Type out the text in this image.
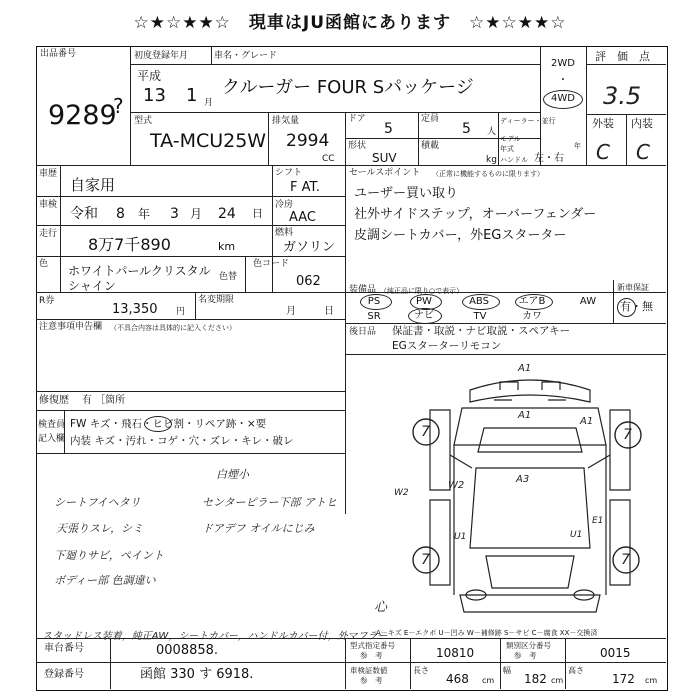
☆★☆★★☆　現車はJU函館にあります　☆★☆★★☆
出品番号
9289
?
初度登録年月	車名・グレード
平成
13 1 月
クルーガー FOUR Sパッケージ
2WD
・
4WD
評　価　点
3.5
外装 内装
C C
型式
TA-MCU25W
排気量
2994
CC
ドア
5
定員
5 人
ディーラー・並行
形状
SUV
積載
kg
モデル年式	年
ハンドル 左・右
車歴
自家用
車検
令和 8 年 3 月 24 日
走行
8万7千890	km
シフト
F AT.
冷房
AAC
燃料
ガソリン
色 ホワイトパールクリスタル
シャイン
色替
色コード
062
R券
13,350 円
名変期限
月	日
注意事項申告欄 （不具合内容は具体的に記入ください）
修復歴 有 ［箇所
検査員
記入欄
FW キズ・飛石・ヒビ割・リペア跡・×要
内装 キズ・汚れ・コゲ・穴・ズレ・キレ・破レ
セールスポイント （正常に機能するものに限ります）
ユーザー買い取り
社外サイドステップ，オーバーフェンダー
皮調シートカバー，外EGスターター
装備品 （純正品に限り○で表示）	新車保証
PS	PW	ABS	エアB	AW
SR	ナビ	TV	カワ
有・無
後日品 保証書・取説・ナビ取説・スペアキー
EGスターターリモコン
白煙小
センターピラー下部 アトヒ
ドアデフ オイルにじみ
シートフイヘタリ
天張りスレ，シミ
下廻りサビ，ペイント
ボディー部 色調違い
スタッドレス装着，純正AW，シートカバー，ハンドルカバー付，外マフラー
A1
A1
A1
A3
W2
W2
U1	U1
E1
7	7
7	7
心
A－キズ E－エクボ U－凹み W－補修跡 S－サビ C－腐食 XX－交換済
車台番号	0008858.
登録番号	函館 330 す 6918.
型式指定番号
参　考	10810
類別区分番号
参　考	0015
車検証数値
参　考
長さ
468 cm
幅
182 cm
高さ
172 cm
